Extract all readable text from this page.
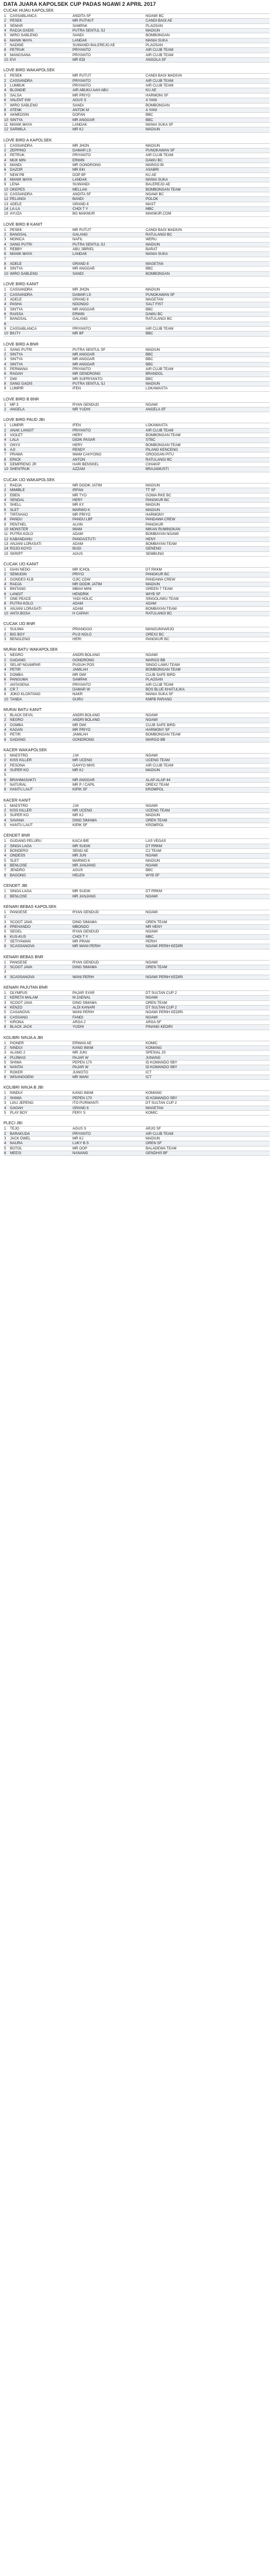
DATA JUARA KAPOLSEK CUP PADAS NGAWI 2 APRIL 2017
CUCAK HIJAU KAPOLSEK
1	CASSABLANCA	ANDITA SF	NGAWI BC
2	PESEK	MR PUTHUT	CANDI BAGI AE
3	SEMAR	SAMPAK	PLAOSAN
4	RADJA GADIS	PUTRA SENTUL SJ	MADIUN
5	WIRO SABLENG	SANDI	BOMBONGAN
6	MANIK MAYA	LANDAK	MANIA SUKA
7	NADINE	SUWANDI BALEREJO AE	PLAOSAN
8	PETRUK	PRIYANTO	AIR CLUB TEAM
9	MANGSANA	PRIYANTO	AIR CLUB TEAM
10 EVI	MR EDI	ANGOLA SF
LOVE BIRD WAKAPOLSEK
1	PESEK	MR PUTUT	CANDI BAGI MADIUN
2	CASSANDRA	PRIYANTO	AIR CLUB TEAM
3	LUMBUK	PRIYANTO	AIR CLUB TEAM
4	BLONDIE	AIR ABUKU AAH ABU	KU AE
5	SALSA	MR PRIYO	HARMONI SF
6	VALENT KW	AGUS S	A YANI
7	WIRO SABLENG	SANDI	BOMBONGAN
8	ATENK	ANTOK M	A YANI
9	AKMEDSIN	DOFAN	BBC
10 SINTYA	MR ANGGAR	BBC
11 MANIK MAYA	LANDAK	MANIA SUKA SF
12 SARMILA	MR KJ	MADIUN
LOVE BIRD A KAPOLSEK
1	CASSANDRA	MR JHON	MADIUN
2	ZEPPINO	DAMAR LS	PUNOKAWAN SF
3	PETRUK	PRIYANTO	AIR CLUB TEAM
4	MUK MIN	ERWIN	DAWU BC
5	MANDI	MR GONDRONG	MARGO BI
6	DAZOR	MR EKI	ASABRI
7	NEW PB	DOP BF	KU AE
8	MANIK MAYA	LANDAK	MANIA SUKA
9	LENA	SUWANDI	BALEREJO AE
10 OKEPES	MELLAN	BOMBONGAN TEAM
11 CASSANDRA	ANDITA SF	NGAWI BC
12 PELANGI	BANDI	POLOK
13 ADELE	GRAND 8	MAST
14 LA-LA	CHOI T Y	MBC
15 AYUZA	BG MAKMUR	MAKMUR.COM
LOVE BIRD B KANIT
1	PESEK	MR PUTUT	CANDI BAGI MADIUN
2	BANGSAL	GALANG	RATULANGI BC
3	MONICA	NAFIL	WERU
4	SANG PUTRI	PUTRA SENTUL SJ	MADIUN
5	REBBY	ABU JIBRIEL	BARAT
6	MANIK MAYA	LANDAK	MANIA SUKA
7
8	ADELE	GRAND 8	MAGETAN
9	SINTYA	MR ANGGAR	BBC
10 WIRO SABLENG	SANDI	BOMBONGAN
LOVE BIRD KANIT
1	CASSANDRA	MR JHON	MADIUN
2	CASSANDRA	DAMAR LS	PUNOKAWAN SF
3	ADELE	GRAND 8	MAGETAN
4	PASHA	NDONDO	SALT FIST
5	SINTYA	MR ANGGAR	BBC
6	RAISSA	ERWIN	DAWU BC
7	BANGSAL	GALANG	RATULANGI BC
8
9	CASSABLANCA	PRIYANTO	AIR CLUB TEAM
10 BIUTY	MR BF	BBC
LOVE BIRD A BNR
1	SANG PUTRI	PUTRA SENTUL SF	MADIUN
2	SINTYA	MR ANGGAR	BBC
3	SINTYA	MR ANGGAR	BBC
4	SINTYA	MR ANGGAR	BBC
5	PERMANA	PRIYANTO	AIR CLUB TEAM
6	RAGAH	MR GENDRONG	BRANDOL
7	DWI	MR SUPRIYANTO	BBC
8	SANG GADIS	PUTRA SENTUL SJ	MADIUN
9	LUMPIR	IFEN	LOKAWASTA
LOVE BIRD B BNR
1	MP 3	RYAN GENDUD	NGAWI
2	ANGELA	MR YUDHI	ANGELA SF
LOVE BIRD PAUD JBI
1	LUMPIR	IFEN	LOKAWASTA
2	ANAK LANGIT	PRIYANTO	AIR CLUB TEAM
3	VIOLET	HERY	BOMBONGAN TEAM
4	LALA	DIDIK PASAR	STBC
5	ONYX	HERY	BOMBONGAN TEAM
6	AJI	RENDY	PILANG KENCENG
7	PRAMA	IMAM CAHYONO	GROGGAN PITU
8	ERICK	ANTON	RATULANGI BC
9	DEMPRENG JR	HARI BENSKEL	CIHAKIP
10 SHENTRUK	AZZAM	BRAJAMUSTI
CUCAK IJO WAKAPOLSEK
1	RADJA	MR DODIK JATIM	MADIUN
2	MIMIBLE	IRFAN	TT SF
3	EBEN	MR TYO	GOWA RKE BC
4	SENDAL	HERY	PANGKUR BC
5	SHELL	MR KY	MADIUN
6	SLET	MARWO K	MADIUN
7	TIRTAHAO	MR PRIYO	HARMONY
8	PANDU	PANDU LBF	PANDAWA CREW
9	PENTHEL	ALVIN	PANGKUR
10 MONSTER	IMAM	MIKAN RUMINGKAN
11 PUTRA KOLO	ADAM	BOMBAYAN NGAWI
12 KABANDANU	PANGASTUTI	HENY
13 ANJANI LORASATI	ADAM	BOMBAYAN TEAM
14 ROJO KOYO	BUDI	GENENG
15 SKRIPT	AGUS	SEMBUNG
CUCAK IJO KANIT
1	GIAN NEDO	MR ICHOL	DT RKKM
2	SEMUDIN	PRIYO	PANGKUR BC
3	GONDES KLB	OJIC CDW	PANDAWA CREW
4	RADJA	MR DODIK JATIM	MADIUN
5	BINTANG	MBAH MINI	GREEN 7 TEAM
6	LANGIT	HENDRIK	WIYB SF
7	ONE PEACE	YADI HOLIC	SINGOLAWU TEAM
8	PUTRA KOLO	ADAM	ADAM
9	ANJANI LORASATI	ADAM	BOMBAYAN TEAM
10 ANTA BOSA	H CAPAH	RATULANGI BC
CUCAK IJO BNR
1	SULIWA	PRIANGGO	MANGUNHARJO
2	BIG BOY	PUJI NOLO	OREX2 BC
3	BENGLENG	HERI	PANGKUR BC
MURAI BATU WAKAPOLSEK
1	NEGRO	ANDRI BOLANG	NGAWI
2	GADANG	GONDRONG	MARGO BB
3	SELAP NGAMPAR	PUGUH POS	SINGO LAWU TEAM
4	PETIR	JAMILAH	BOMBONGAN TEAM
5	DOMBA	MR DWI	CLUB SAFE BIRD
6	PANGUMA	SAMPAK	PLAOSAN
7	ANTASENA	PRIYANTO	AIR CLUB TEAM
8	CR 7	DAMAR W	BOS BLUE KHATULIKA
9	JOKO KLONTANG	NAKR	MANIA SUKA SF
10 TANDA	GURU	KMPB PARANG
MURAI BATU KANIT
1	BLACK DEVIL	ANDRI BOLANG	NGAWI
2	NEGRO	ANDRI BOLANG	NGAWI
3	DOMBA	MR DWI	CLUB SAFE BIRD
4	KAGAN	MR PRIYO	HARMONY SF
5	PETIR	JAMILAH	BOMBONGAN TEAM
6	GADANG	GONDRONG	MARGO BB
KACER WAKAPOLSEK
1	MAESTRO	J.M	NGAWI
2	KISS KILLER	MR UCENG	UCENG TEAM
3	PESONA	GAHYO MHS	AIR CLUB TEAM
4	SUPER KO	MR KJ	MADIUN
5
6	BRAHMASAKTI	MR ANGGAR	ALAP-ALAP 44
7	NATURAL	MR P / CAPIL	OREX2 TEAM
8	HANTU LAUT	KIPIK SF	KROMPOL
KACER KANIT
1	MAESTRO	J.M	NGAWI
2	KISS KILLER	MR UCENG	UCENG TEAM
3	SUPER KO	MR KJ	MADIUN
4	SAVANA	DINO SIMAMA	OREN TEAM
5	HANTU LAUT	KIPIK SF	KROMPOL
CENDET BNR
1	GUDANG PELURU	KACA BIE	LAS VEGAS
2	SINGA LAGA	MR SUGIK	DT RRKM
3	BONDERO	SENO AE	C2 TEAM
4	ONDESS	MR JUN	NGAWI
5	SLET	MARWO K	MADIUN
6	BENLOSE	MR JANJANG	NGAWI
7	JENDRO	AGUS	BBC
8	BAGONG	HELEN	WYB SF
CENDET JBI
1	SINGA LAGA	MR SUGIK	DT RRKM
2	BENLOSE	MR JANJANG	NGAWI
KENARI BEBAS KAPOLSEK
1	PANGESE	RYAN GENDUD	NGAWI
2
3	SCOOT JAVA	DINO SIMAMA	OREN TEAM
4	PREHANDO	MBONDO	MR HENY
5	SEGEL	RYAN GENDUD	NGAWI
6	KUS-KUS	CHOI T Y	MBC
7	SETIYAWAN	MR PRAM	PERIH
8	SCASSANOVA	MR WANI PERIH	NGAWI PERIH KEDIRI
KENARI BEBAS BNR
1	PANGESE	RYAN GENDUD	NGAWI
2	SCOOT JAVA	DINO SIMAMA	OREN TEAM
3
4	SCASSANOVA	WANI PERIH	NGAWI PERIH KEDIRI
KENARI PAJUTAN BNR
1	OLYMPUS	PAJAR SYAR	DT SULTAN CUP 2
2	KERETA MALAM	M ZAENAL	NGAWI
3	SCOOT JAVA	DINO SIMAMA	OREN TEAM
4	KENZO	ALDI KANARI	DT SULTAN CUP 2
5	CASANOVA	WANI PERIH	NGAWI PERIH KEDIRI
6	CASSANO	FANDI	NGAWI
7	KIRONA	ARGA 2	ARGA SF
8	BLACK JACK	YUDHI	PINANG KEDIRI
KOLIBRI NINJA A JBI
1	PIONER	ERWAN AE	KOMIC
2	NINDUI	KANG IMAM	KOMANG
3	ALANG 2	MR JUKI	SPESIAL 20
4	PUJIMAS	PAJAR W	JUNANG
5	SHIWA	PEPEN 170	ID KOMANDO SBY
6	NANTAI	PAJAR W	ID KOMANDO SBY
7	ROKER	JUWOTO	ICT
8	WISANGGENI	MR WANI	ICT
KOLIBRI NINJA B JBI
1	NINDUI	KANG IMAM	KOMANG
2	SHIWA	PEPEN 170	ID KOMANDO SBY
3	LIAU JEPENG	ITO PURWANTI	DT SULTAN CUP 2
4	GAGAH	GRAND 8	MAGETAN
5	PLAY BOY	FERY S	KOMIC
PLECI JBI
1	TEJO	AGUS S	ARJO SF
2	BARAKUDA	PRIYANTO	AIR CLUB TEAM
3	JACK DWEL	MR KJ	MADIUN
4	NAURA	LUKY B.S	OREN SF
5	BOTOL	MR OOP	BALADEWA TEAM
6	MEESI	NANANG	GENDHIS BF
